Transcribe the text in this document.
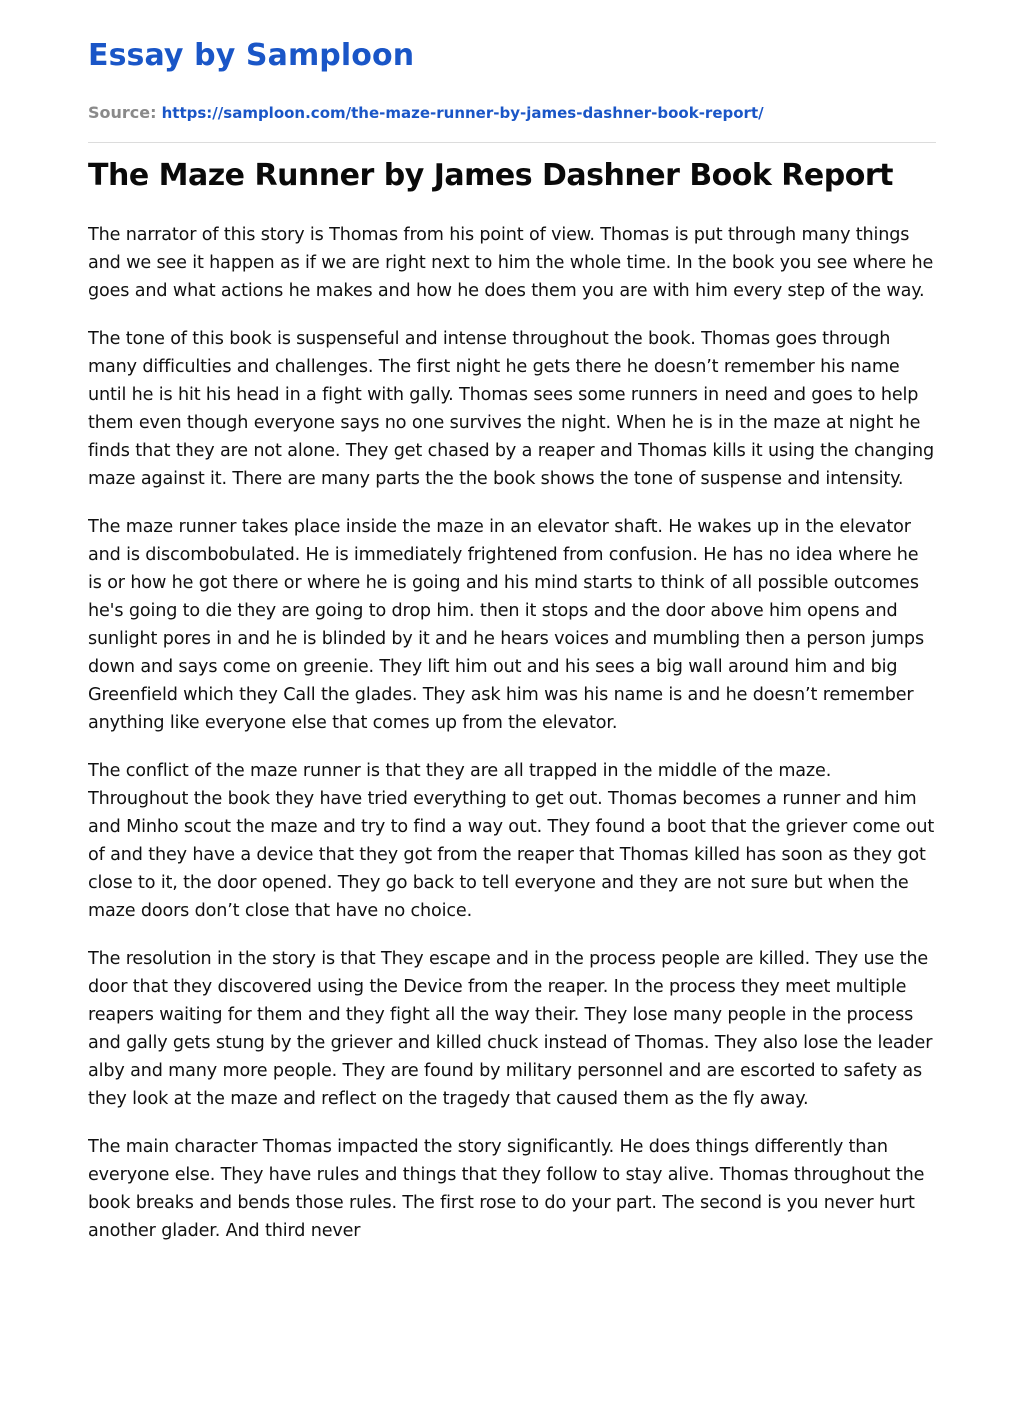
Essay by Samploon
Source: https://samploon.com/the-maze-runner-by-james-dashner-book-report/
The Maze Runner by James Dashner Book Report

The narrator of this story is Thomas from his point of view. Thomas is put through many things and we see it happen as if we are right next to him the whole time. In the book you see where he goes and what actions he makes and how he does them you are with him every step of the way.

The tone of this book is suspenseful and intense throughout the book. Thomas goes through many difficulties and challenges. The first night he gets there he doesn’t remember his name until he is hit his head in a fight with gally. Thomas sees some runners in need and goes to help them even though everyone says no one survives the night. When he is in the maze at night he finds that they are not alone. They get chased by a reaper and Thomas kills it using the changing maze against it. There are many parts the the book shows the tone of suspense and intensity.

The maze runner takes place inside the maze in an elevator shaft. He wakes up in the elevator and is discombobulated. He is immediately frightened from confusion. He has no idea where he is or how he got there or where he is going and his mind starts to think of all possible outcomes he's going to die they are going to drop him. then it stops and the door above him opens and sunlight pores in and he is blinded by it and he hears voices and mumbling then a person jumps down and says come on greenie. They lift him out and his sees a big wall around him and big Greenfield which they Call the glades. They ask him was his name is and he doesn’t remember anything like everyone else that comes up from the elevator.

The conflict of the maze runner is that they are all trapped in the middle of the maze. Throughout the book they have tried everything to get out. Thomas becomes a runner and him and Minho scout the maze and try to find a way out. They found a boot that the griever come out of and they have a device that they got from the reaper that Thomas killed has soon as they got close to it, the door opened. They go back to tell everyone and they are not sure but when the maze doors don’t close that have no choice.

The resolution in the story is that They escape and in the process people are killed. They use the door that they discovered using the Device from the reaper. In the process they meet multiple reapers waiting for them and they fight all the way their. They lose many people in the process and gally gets stung by the griever and killed chuck instead of Thomas. They also lose the leader alby and many more people. They are found by military personnel and are escorted to safety as they look at the maze and reflect on the tragedy that caused them as the fly away.

The main character Thomas impacted the story significantly. He does things differently than everyone else. They have rules and things that they follow to stay alive. Thomas throughout the book breaks and bends those rules. The first rose to do your part. The second is you never hurt another glader. And third never
